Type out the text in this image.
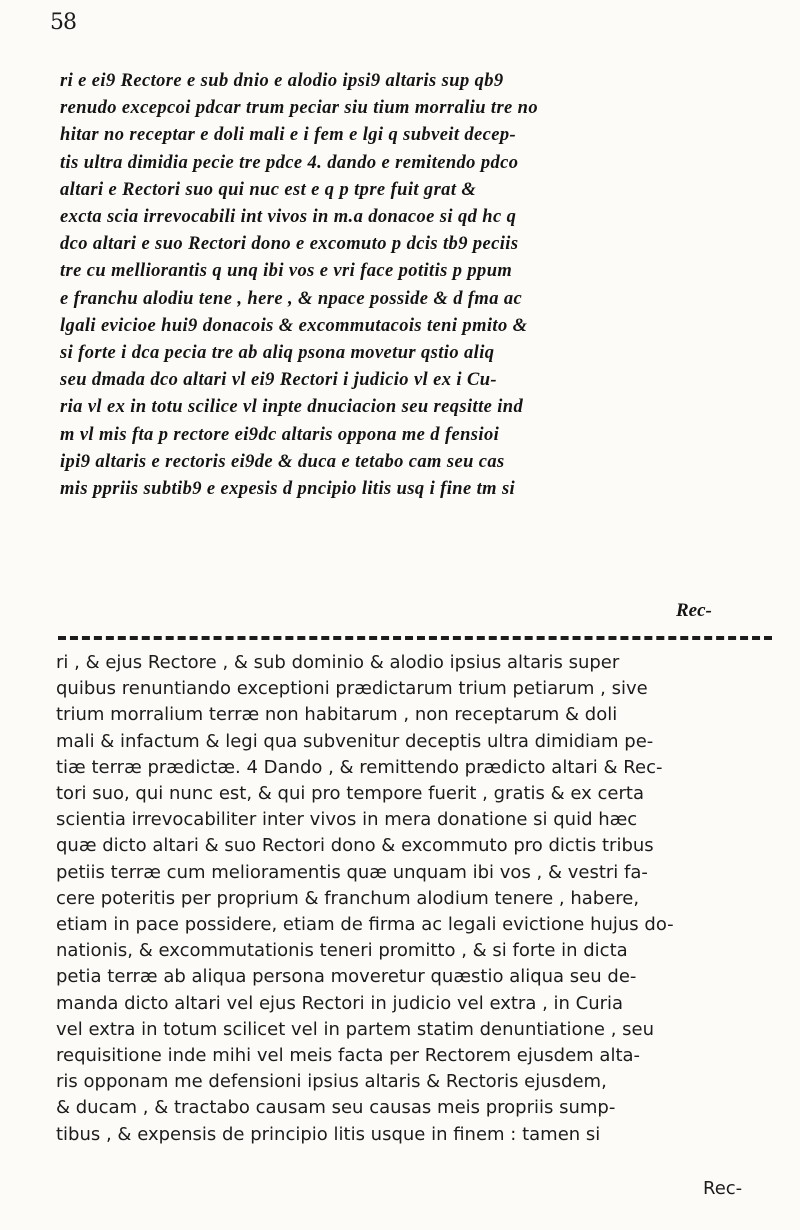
58
ri e ei9 Rectore e sub dnio e alodio ipsi9 altaris sup qb9
renudo excepcoi pdcar trum peciar siu tium morraliu tre no
hitar no receptar e doli mali e i fem e lgi q subveit decep-
tis ultra dimidia pecie tre pdce 4. dando e remitendo pdco
altari e Rectori suo qui nuc est e q p tpre fuit grat &
excta scia irrevocabili int vivos in m.a donacoe si qd hc q
dco altari e suo Rectori dono e excomuto p dcis tb9 peciis
tre cu melliorantis q unq ibi vos e vri face potitis p ppum
e franchu alodiu tene , here , & npace posside & d fma ac
lgali evicioe hui9 donacois & excommutacois teni pmito &
si forte i dca pecia tre ab aliq psona movetur qstio aliq
seu dmada dco altari vl ei9 Rectori i judicio vl ex i Cu-
ria vl ex in totu scilice vl inpte dnuciacion seu reqsitte ind
m vl mis fta p rectore ei9dc altaris oppona me d fensioi
ipi9 altaris e rectoris ei9de & duca e tetabo cam seu cas
mis ppriis subtib9 e expesis d pncipio litis usq i fine tm si
Rec-
ri , & ejus Rectore , & sub dominio & alodio ipsius altaris super
quibus renuntiando exceptioni prædictarum trium petiarum , sive
trium morralium terræ non habitarum , non receptarum & doli
mali & infactum & legi qua subvenitur deceptis ultra dimidiam pe-
tiæ terræ prædictæ. 4 Dando , & remittendo prædicto altari & Rec-
tori suo, qui nunc est, & qui pro tempore fuerit , gratis & ex certa
scientia irrevocabiliter inter vivos in mera donatione si quid hæc
quæ dicto altari & suo Rectori dono & excommuto pro dictis tribus
petiis terræ cum melioramentis quæ unquam ibi vos , & vestri fa-
cere poteritis per proprium & franchum alodium tenere , habere,
etiam in pace possidere, etiam de firma ac legali evictione hujus do-
nationis, & excommutationis teneri promitto , & si forte in dicta
petia terræ ab aliqua persona moveretur quæstio aliqua seu de-
manda dicto altari vel ejus Rectori in judicio vel extra , in Curia
vel extra in totum scilicet vel in partem statim denuntiatione , seu
requisitione inde mihi vel meis facta per Rectorem ejusdem alta-
ris opponam me defensioni ipsius altaris & Rectoris ejusdem,
& ducam , & tractabo causam seu causas meis propriis sump-
tibus , & expensis de principio litis usque in finem : tamen si
Rec-
